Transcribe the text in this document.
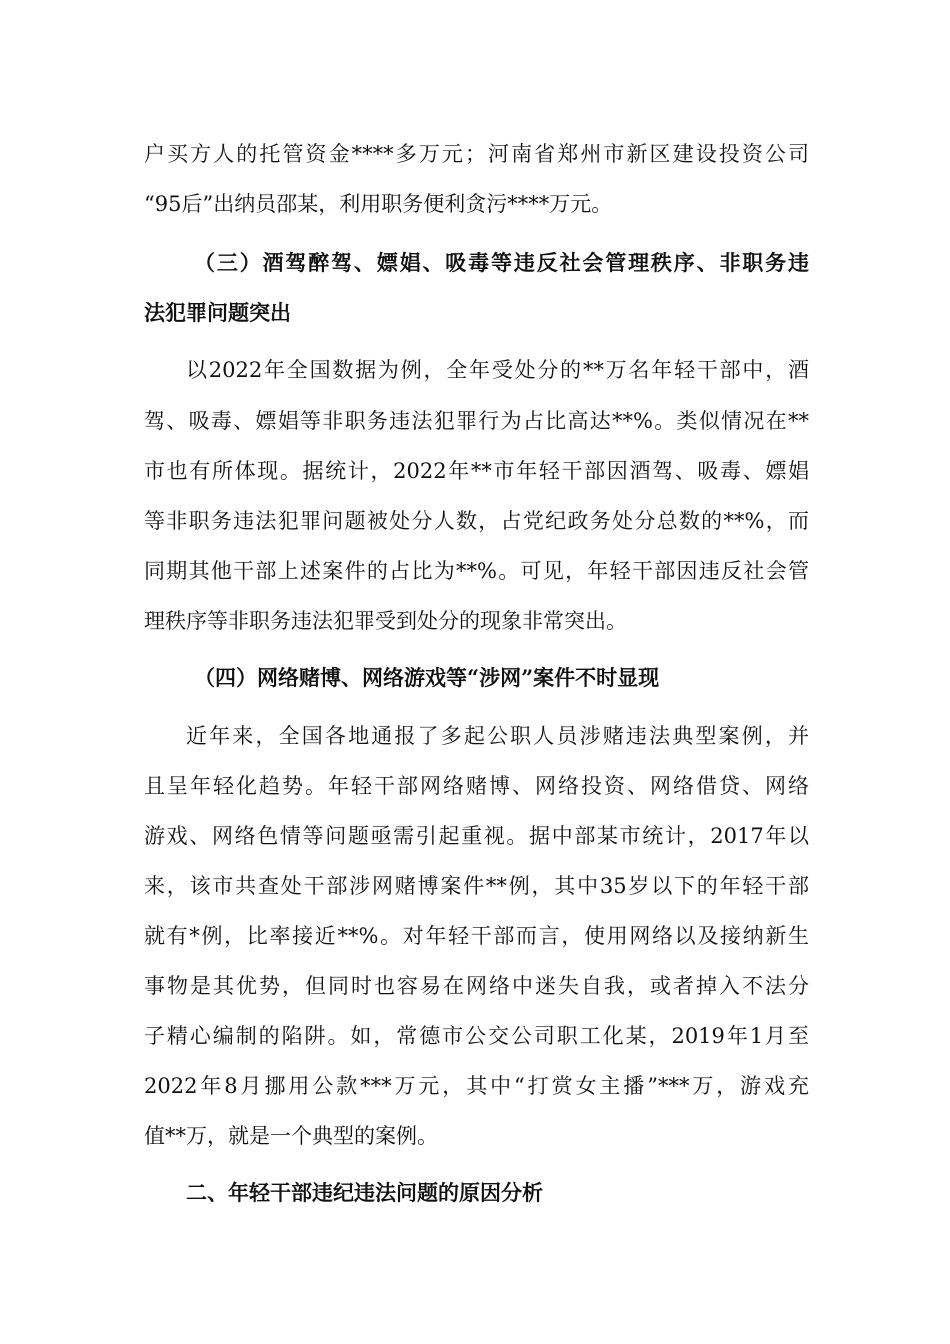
户买方人的托管资金****多万元；河南省郑州市新区建设投资公司
“95后”出纳员邵某，利用职务便利贪污****万元。
（三）酒驾醉驾、嫖娼、吸毒等违反社会管理秩序、非职务违
法犯罪问题突出
以2022年全国数据为例，全年受处分的**万名年轻干部中，酒
驾、吸毒、嫖娼等非职务违法犯罪行为占比高达**%。类似情况在**
市也有所体现。据统计，2022年**市年轻干部因酒驾、吸毒、嫖娼
等非职务违法犯罪问题被处分人数，占党纪政务处分总数的**%，而
同期其他干部上述案件的占比为**%。可见，年轻干部因违反社会管
理秩序等非职务违法犯罪受到处分的现象非常突出。
（四）网络赌博、网络游戏等“涉网”案件不时显现
近年来，全国各地通报了多起公职人员涉赌违法典型案例，并
且呈年轻化趋势。年轻干部网络赌博、网络投资、网络借贷、网络
游戏、网络色情等问题亟需引起重视。据中部某市统计，2017年以
来，该市共查处干部涉网赌博案件**例，其中35岁以下的年轻干部
就有*例，比率接近**%。对年轻干部而言，使用网络以及接纳新生
事物是其优势，但同时也容易在网络中迷失自我，或者掉入不法分
子精心编制的陷阱。如，常德市公交公司职工化某，2019年1月至
2022年8月挪用公款***万元，其中“打赏女主播”***万，游戏充
值**万，就是一个典型的案例。
二、年轻干部违纪违法问题的原因分析
